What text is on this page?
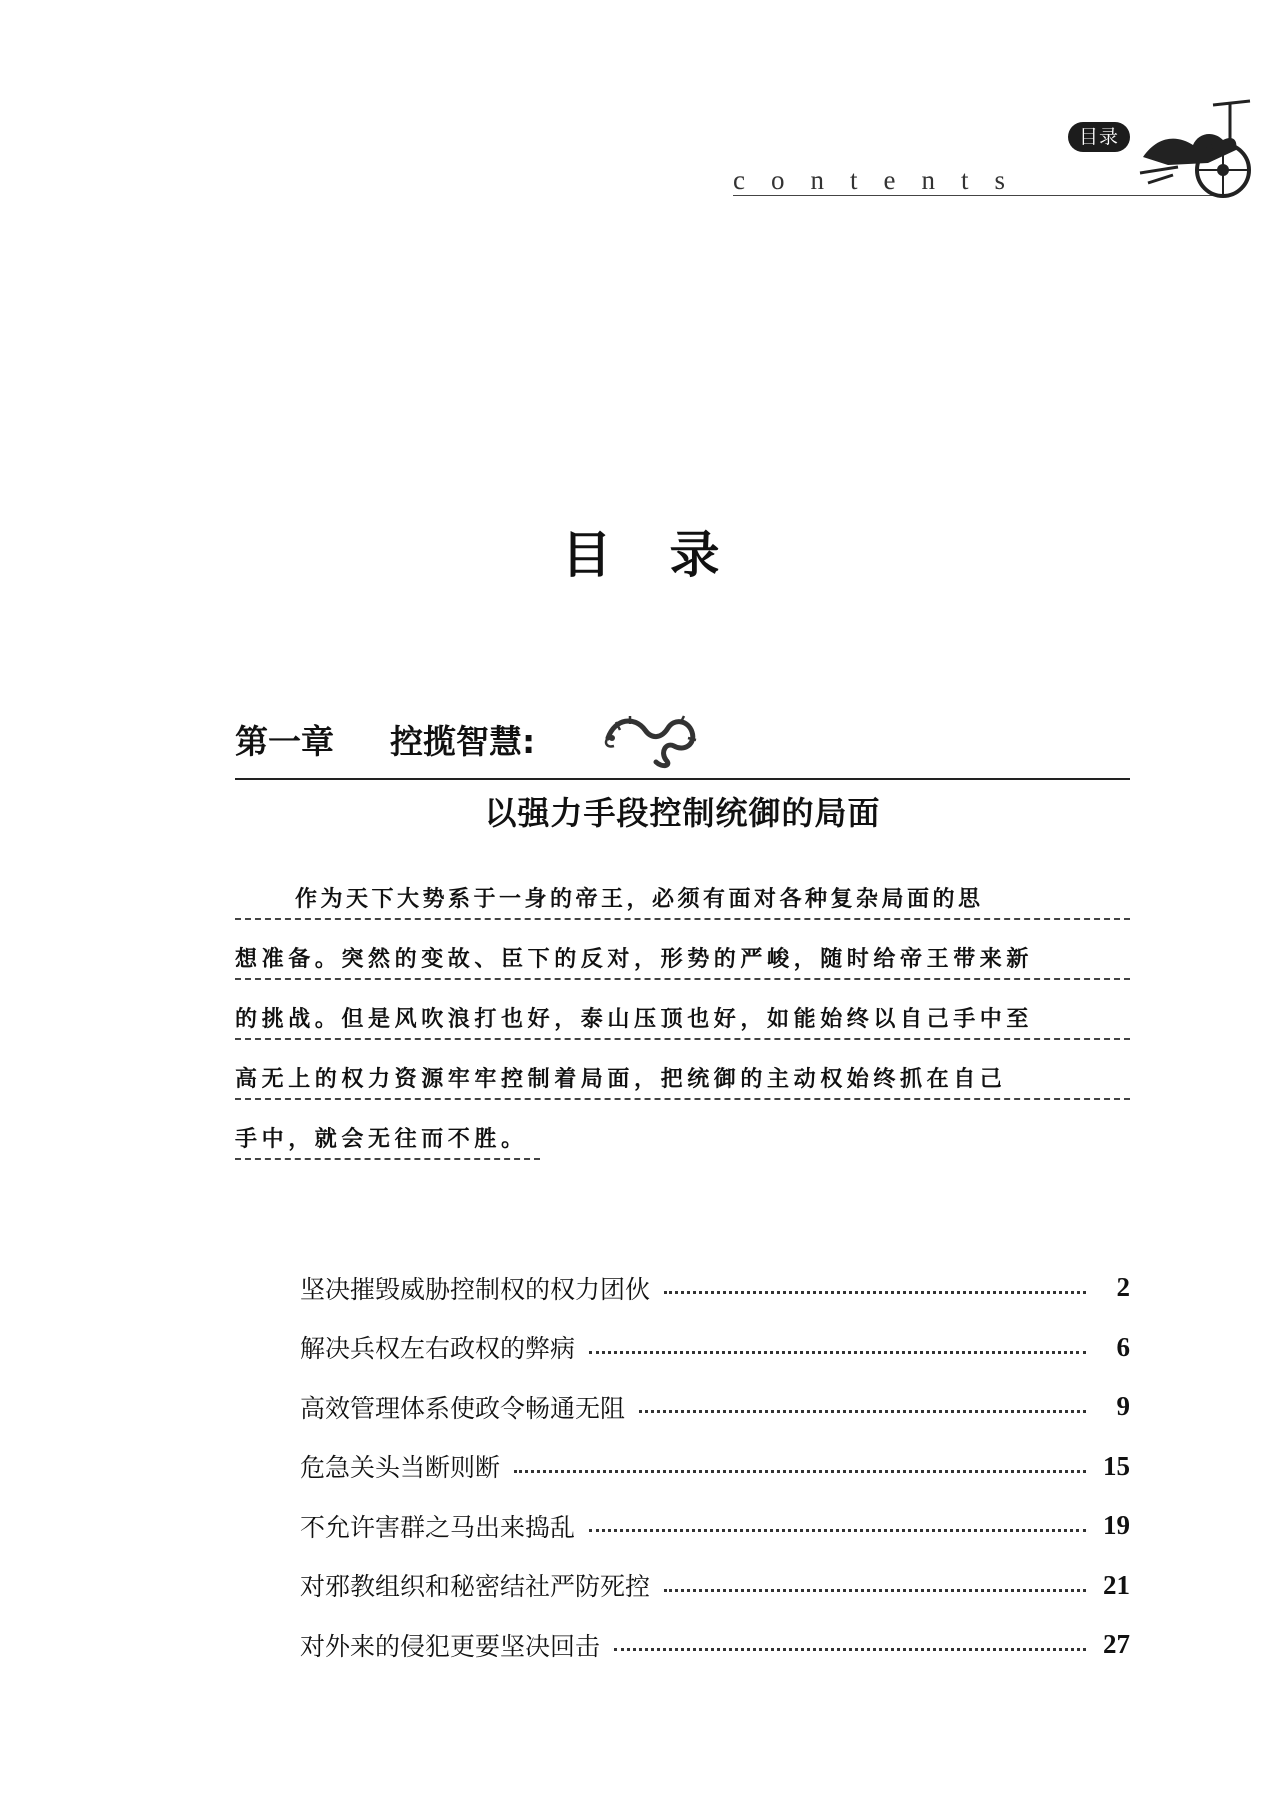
目录
contents
目录
第一章 控揽智慧:
以强力手段控制统御的局面
作为天下大势系于一身的帝王，必须有面对各种复杂局面的思
想准备。突然的变故、臣下的反对，形势的严峻，随时给帝王带来新
的挑战。但是风吹浪打也好，泰山压顶也好，如能始终以自己手中至
高无上的权力资源牢牢控制着局面，把统御的主动权始终抓在自己
手中，就会无往而不胜。
坚决摧毁威胁控制权的权力团伙	2
解决兵权左右政权的弊病	6
高效管理体系使政令畅通无阻	9
危急关头当断则断	15
不允许害群之马出来捣乱	19
对邪教组织和秘密结社严防死控	21
对外来的侵犯更要坚决回击	27
